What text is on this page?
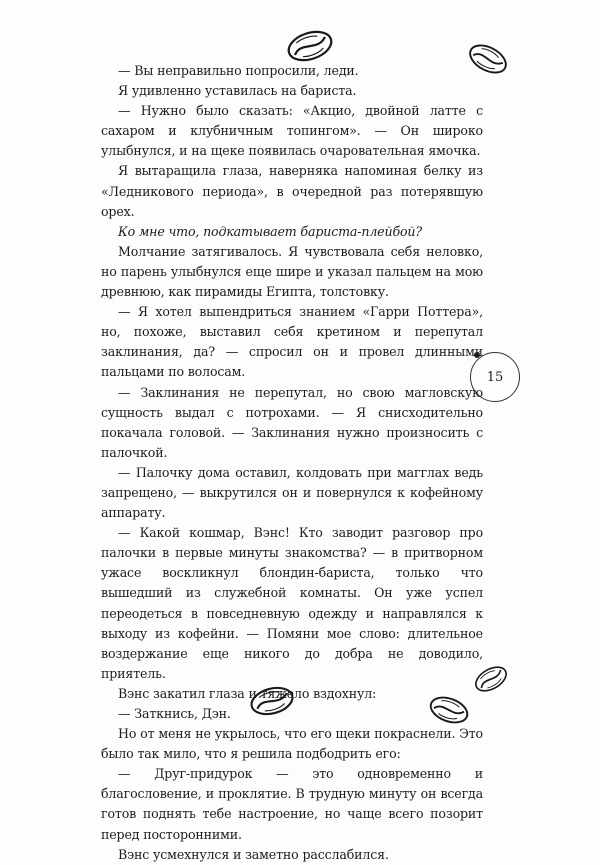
15

— Вы неправильно попросили, леди.

Я удивленно уставилась на бариста.

— Нужно было сказать: «Акцио, двойной латте с сахаром и клубничным топингом». — Он широко улыбнулся, и на щеке появилась очаровательная ямочка.

Я вытаращила глаза, наверняка напоминая белку из «Ледникового периода», в очередной раз потерявшую орех.

Ко мне что, подкатывает бариста-плейбой?

Молчание затягивалось. Я чувствовала себя неловко, но парень улыбнулся еще шире и указал пальцем на мою древнюю, как пирамиды Египта, толстовку.

— Я хотел выпендриться знанием «Гарри Поттера», но, похоже, выставил себя кретином и перепутал заклинания, да? — спросил он и провел длинными пальцами по волосам.

— Заклинания не перепутал, но свою магловскую сущность выдал с потрохами. — Я снисходительно покачала головой. — Заклинания нужно произносить с палочкой.

— Палочку дома оставил, колдовать при магглах ведь запрещено, — выкрутился он и повернулся к кофейному аппарату.

— Какой кошмар, Вэнс! Кто заводит разговор про палочки в первые минуты знакомства? — в притворном ужасе воскликнул блондин-бариста, только что вышедший из служебной комнаты. Он уже успел переодеться в повседневную одежду и направлялся к выходу из кофейни. — Помяни мое слово: длительное воздержание еще никого до добра не доводило, приятель.

Вэнс закатил глаза и тяжело вздохнул:

— Заткнись, Дэн.

Но от меня не укрылось, что его щеки покраснели. Это было так мило, что я решила подбодрить его:

— Друг-придурок — это одновременно и благословение, и проклятие. В трудную минуту он всегда готов поднять тебе настроение, но чаще всего позорит перед посторонними.

Вэнс усмехнулся и заметно расслабился.
